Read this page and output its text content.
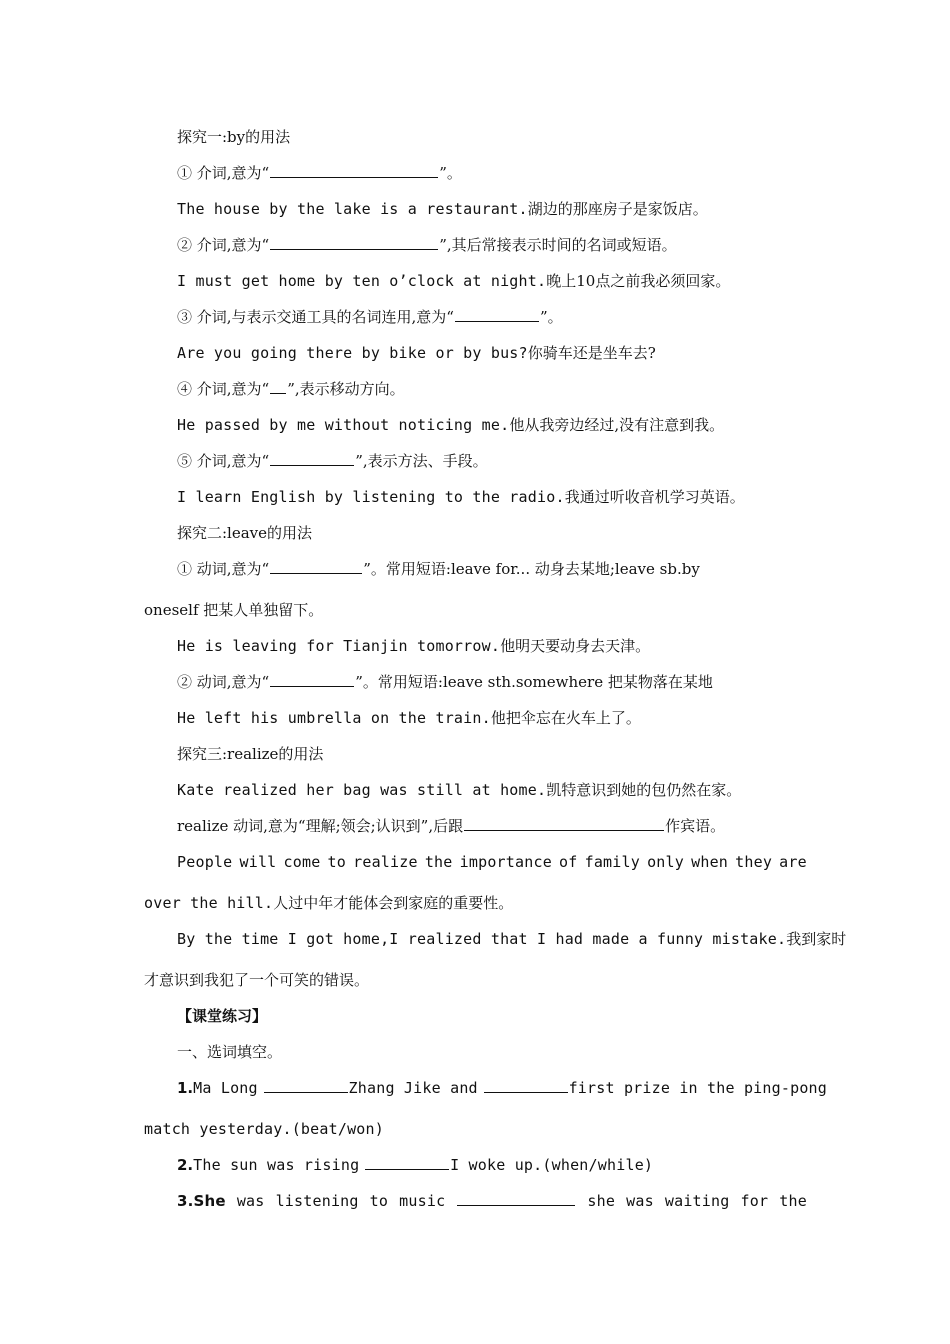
探究一:by的用法
① 介词,意为“	”。
The house by the lake is a restaurant.湖边的那座房子是家饭店。
② 介词,意为“	”,其后常接表示时间的名词或短语。
I must get home by ten o’clock at night.晚上10点之前我必须回家。
③ 介词,与表示交通工具的名词连用,意为“	”。
Are you going there by bike or by bus?你骑车还是坐车去?
④ 介词,意为“ ”,表示移动方向。
He passed by me without noticing me.他从我旁边经过,没有注意到我。
⑤ 介词,意为“	”,表示方法、手段。
I learn English by listening to the radio.我通过听收音机学习英语。
探究二:leave的用法
① 动词,意为“	”。常用短语:leave for... 动身去某地;leave sb.by
oneself 把某人单独留下。
He is leaving for Tianjin tomorrow.他明天要动身去天津。
② 动词,意为“	”。常用短语:leave sth.somewhere 把某物落在某地
He left his umbrella on the train.他把伞忘在火车上了。
探究三:realize的用法
Kate realized her bag was still at home.凯特意识到她的包仍然在家。
realize 动词,意为“理解;领会;认识到”,后跟	作宾语。
People will come to realize the importance of family only when they are
over the hill.人过中年才能体会到家庭的重要性。
By the time I got home,I realized that I had made a funny mistake.我到家时
才意识到我犯了一个可笑的错误。
【课堂练习】
一、选词填空。
1.Ma Long	Zhang Jike and	first prize in the ping-pong
match yesterday.(beat/won)
2.The sun was rising	I woke up.(when/while)
3.She was listening to music	she was waiting for the
